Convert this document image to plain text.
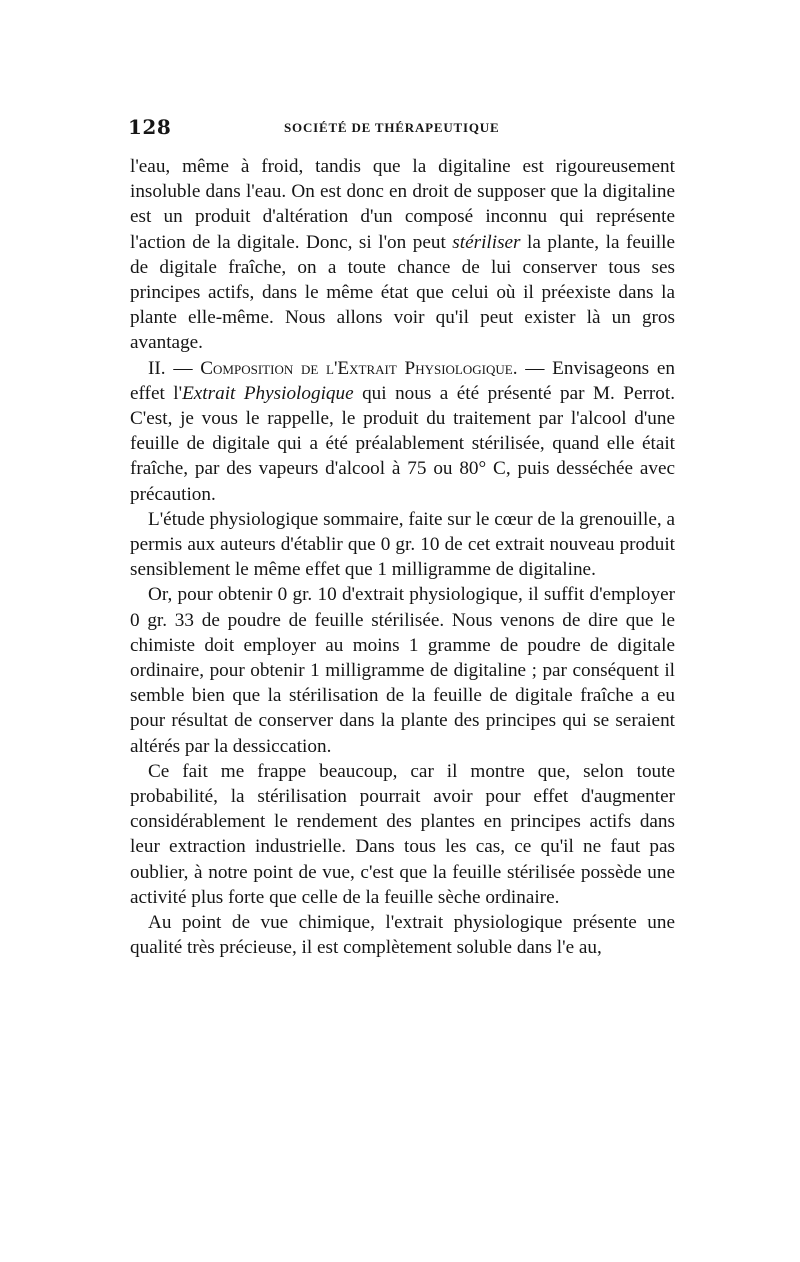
128	SOCIÉTÉ DE THÉRAPEUTIQUE

l'eau, même à froid, tandis que la digitaline est rigoureusement insoluble dans l'eau. On est donc en droit de supposer que la digitaline est un produit d'altération d'un composé inconnu qui représente l'action de la digitale. Donc, si l'on peut stériliser la plante, la feuille de digitale fraîche, on a toute chance de lui conserver tous ses principes actifs, dans le même état que celui où il préexiste dans la plante elle-même. Nous allons voir qu'il peut exister là un gros avantage.

II. — Composition de l'Extrait Physiologique. — Envisageons en effet l'Extrait Physiologique qui nous a été présenté par M. Perrot. C'est, je vous le rappelle, le produit du traitement par l'alcool d'une feuille de digitale qui a été préalablement stérilisée, quand elle était fraîche, par des vapeurs d'alcool à 75 ou 80° C, puis desséchée avec précaution.

L'étude physiologique sommaire, faite sur le cœur de la grenouille, a permis aux auteurs d'établir que 0 gr. 10 de cet extrait nouveau produit sensiblement le même effet que 1 milligramme de digitaline.

Or, pour obtenir 0 gr. 10 d'extrait physiologique, il suffit d'employer 0 gr. 33 de poudre de feuille stérilisée. Nous venons de dire que le chimiste doit employer au moins 1 gramme de poudre de digitale ordinaire, pour obtenir 1 milligramme de digitaline ; par conséquent il semble bien que la stérilisation de la feuille de digitale fraîche a eu pour résultat de conserver dans la plante des principes qui se seraient altérés par la dessiccation.

Ce fait me frappe beaucoup, car il montre que, selon toute probabilité, la stérilisation pourrait avoir pour effet d'augmenter considérablement le rendement des plantes en principes actifs dans leur extraction industrielle. Dans tous les cas, ce qu'il ne faut pas oublier, à notre point de vue, c'est que la feuille stérilisée possède une activité plus forte que celle de la feuille sèche ordinaire.

Au point de vue chimique, l'extrait physiologique présente une qualité très précieuse, il est complètement soluble dans l'e au,
